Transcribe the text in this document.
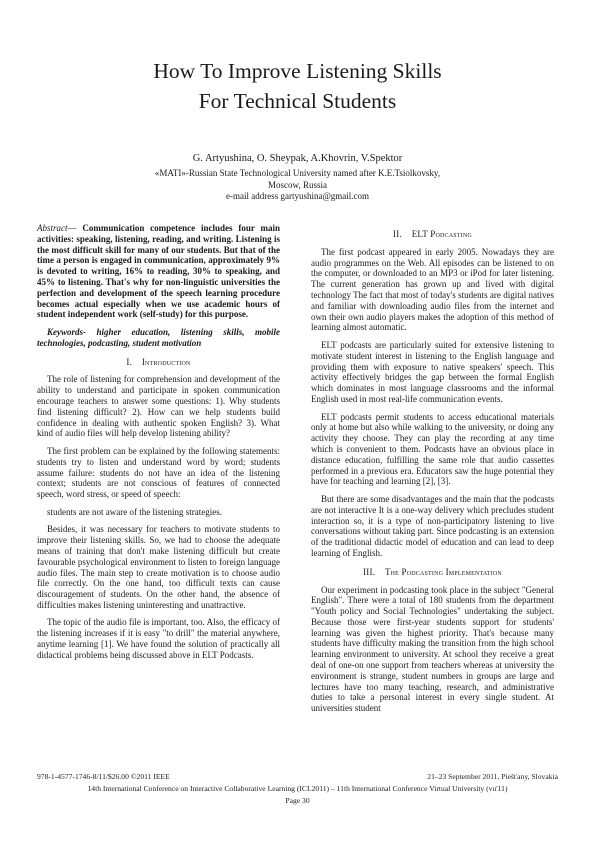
How To Improve Listening Skills
For Technical Students
G. Artyushina, O. Sheypak, A.Khovrin, V.Spektor
«MATI»-Russian State Technological University named after K.E.Tsiolkovsky,
Moscow, Russia
e-mail address gartyushina@gmail.com

Abstract— Communication competence includes four main activities: speaking, listening, reading, and writing. Listening is the most difficult skill for many of our students. But that of the time a person is engaged in communication, approximately 9% is devoted to writing, 16% to reading, 30% to speaking, and 45% to listening. That's why for non-linguistic universities the perfection and development of the speech learning procedure becomes actual especially when we use academic hours of student independent work (self-study) for this purpose.

Keywords- higher education, listening skills, mobile technologies, podcasting, student motivation

I. Introduction

The role of listening for comprehension and development of the ability to understand and participate in spoken communication encourage teachers to answer some questions: 1). Why students find listening difficult? 2). How can we help students build confidence in dealing with authentic spoken English? 3). What kind of audio files will help develop listening ability?

The first problem can be explained by the following statements: students try to listen and understand word by word; students assume failure: students do not have an idea of the listening context; students are not conscious of features of connected speech, word stress, or speed of speech:

students are not aware of the listening strategies.

Besides, it was necessary for teachers to motivate students to improve their listening skills. So, we had to choose the adequate means of training that don't make listening difficult but create favourable psychological environment to listen to foreign language audio files. The main step to create motivation is to choose audio file correctly. On the one hand, too difficult texts can cause discouragement of students. On the other hand, the absence of difficulties makes listening uninteresting and unattractive.

The topic of the audio file is important, too. Also, the efficacy of the listening increases if it is easy "to drill" the material anywhere, anytime learning [1]. We have found the solution of practically all didactical problems being discussed above in ELT Podcasts.

II. ELT Podcasting

The first podcast appeared in early 2005. Nowadays they are audio programmes on the Web. All episodes can be listened to on the computer, or downloaded to an MP3 or iPod for later listening. The current generation has grown up and lived with digital technology The fact that most of today's students are digital natives and familiar with downloading audio files from the internet and own their own audio players makes the adoption of this method of learning almost automatic.

ELT podcasts are particularly suited for extensive listening to motivate student interest in listening to the English language and providing them with exposure to native speakers' speech. This activity effectively bridges the gap between the formal English which dominates in most language classrooms and the informal English used in most real-life communication events.

ELT podcasts permit students to access educational materials only at home but also while walking to the university, or doing any activity they choose. They can play the recording at any time which is convenient to them. Podcasts have an obvious place in distance education, fulfilling the same role that audio cassettes performed in a previous era. Educators saw the huge potential they have for teaching and learning [2], [3].

But there are some disadvantages and the main that the podcasts are not interactive It is a one-way delivery which precludes student interaction so, it is a type of non-participatory listening to live conversations without taking part. Since podcasting is an extension of the traditional didactic model of education and can lead to deep learning of English.

III. The Podcasting Implementation

Our experiment in podcasting took place in the subject "General English". There were a total of 180 students from the department "Youth policy and Social Technologies" undertaking the subject. Because those were first-year students support for students' learning was given the highest priority. That's because many students have difficulty making the transition from the high school learning environment to university. At school they receive a great deal of one-on one support from teachers whereas at university the environment is strange, student numbers in groups are large and lectures have too many teaching, research, and administrative duties to take a personal interest in every single student. At universities student

978-1-4577-1746-8/11/$26.00 ©2011 IEEE	21–23 September 2011, Piešťany, Slovakia
14th International Conference on Interactive Collaborative Learning (ICL2011) – 11th International Conference Virtual University (vu'11)
Page 30
